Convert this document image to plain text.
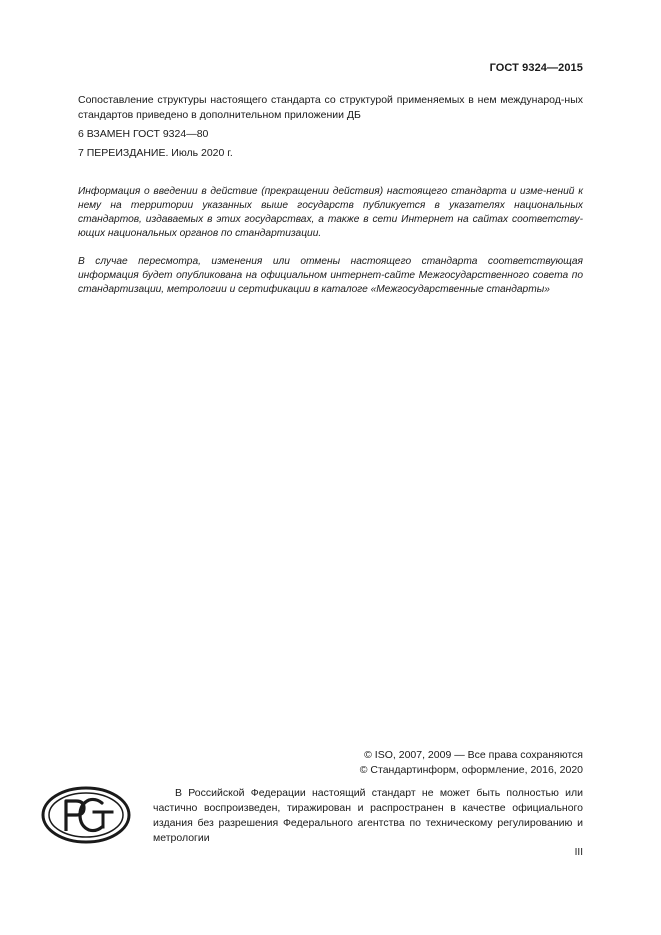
ГОСТ 9324—2015
Сопоставление структуры настоящего стандарта со структурой применяемых в нем международ-ных стандартов приведено в дополнительном приложении ДБ
6 ВЗАМЕН ГОСТ 9324—80
7 ПЕРЕИЗДАНИЕ. Июль 2020 г.

Информация о введении в действие (прекращении действия) настоящего стандарта и изме-нений к нему на территории указанных выше государств публикуется в указателях национальных стандартов, издаваемых в этих государствах, а также в сети Интернет на сайтах соответству-ющих национальных органов по стандартизации.

В случае пересмотра, изменения или отмены настоящего стандарта соответствующая информация будет опубликована на официальном интернет-сайте Межгосударственного совета по стандартизации, метрологии и сертификации в каталоге «Межгосударственные стандарты»

© ISO, 2007, 2009 — Все права сохраняются
© Стандартинформ, оформление, 2016, 2020
В Российской Федерации настоящий стандарт не может быть полностью или частично воспроизведен, тиражирован и распространен в качестве официального издания без разрешения Федерального агентства по техническому регулированию и метрологии
III
